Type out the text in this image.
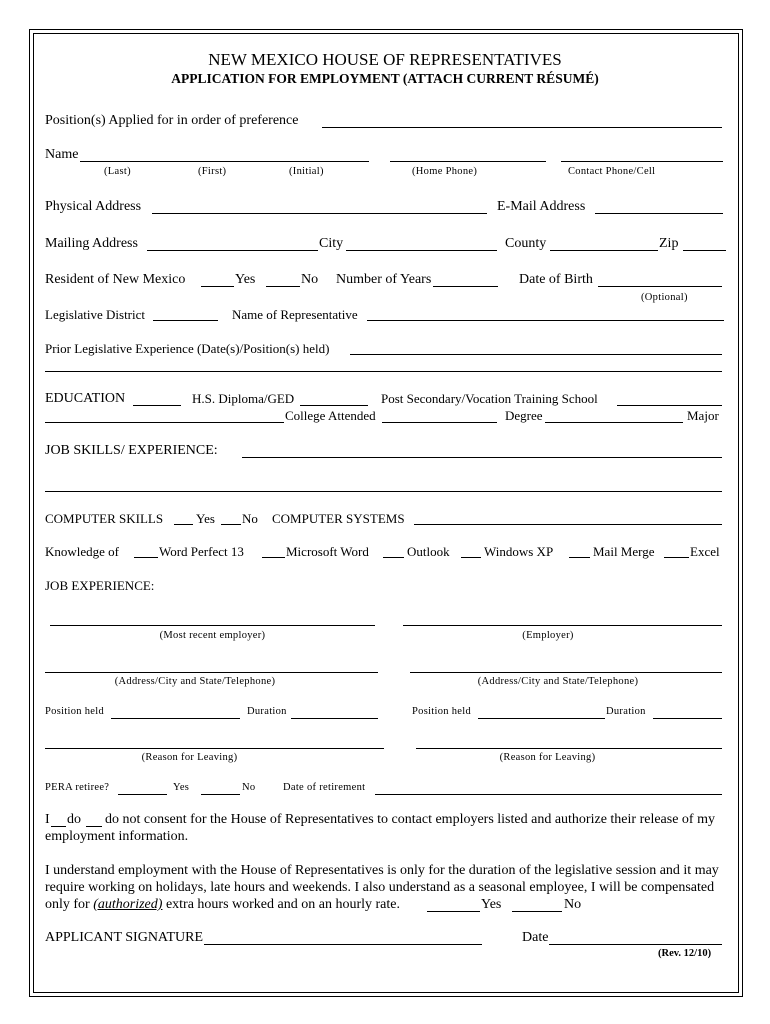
NEW MEXICO HOUSE OF REPRESENTATIVES
APPLICATION FOR EMPLOYMENT (ATTACH CURRENT RÉSUMÉ)
Position(s) Applied for in order of preference
Name
(Last)	(First)	(Initial)	(Home Phone)	Contact Phone/Cell
Physical Address	E-Mail Address
Mailing Address	City	County	Zip
Resident of New Mexico	Yes	No Number of Years	Date of Birth
(Optional)
Legislative District	Name of Representative
Prior Legislative Experience (Date(s)/Position(s) held)
EDUCATION	H.S. Diploma/GED	Post Secondary/Vocation Training School
College Attended	Degree	Major
JOB SKILLS/ EXPERIENCE:
COMPUTER SKILLS	Yes No COMPUTER SYSTEMS
Knowledge of	Word Perfect 13	Microsoft Word	Outlook	Windows XP	Mail Merge	Excel
JOB EXPERIENCE:
(Most recent employer)	(Employer)
(Address/City and State/Telephone)	(Address/City and State/Telephone)
Position held	Duration	Position held	Duration
(Reason for Leaving)	(Reason for Leaving)
PERA retiree?	Yes	No	Date of retirement
I do do not consent for the House of Representatives to contact employers listed and authorize their release of my
employment information.
I understand employment with the House of Representatives is only for the duration of the legislative session and it may
require working on holidays, late hours and weekends. I also understand as a seasonal employee, I will be compensated
only for (authorized) extra hours worked and on an hourly rate.	Yes	No
APPLICANT SIGNATURE	Date
(Rev. 12/10)
